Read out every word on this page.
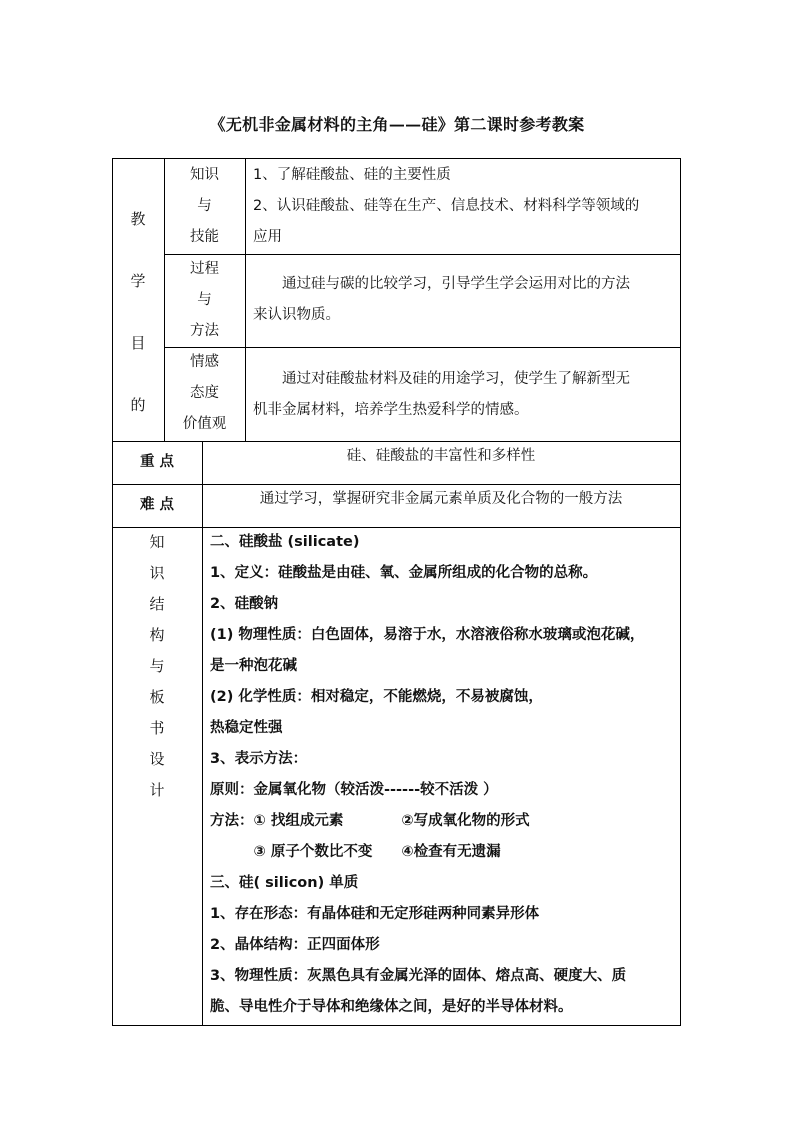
《无机非金属材料的主角——硅》第二课时参考教案
教
学
目
的
知识
与
技能
1、了解硅酸盐、硅的主要性质
2、认识硅酸盐、硅等在生产、信息技术、材料科学等领域的
应用
过程
与
方法
通过硅与碳的比较学习，引导学生学会运用对比的方法
来认识物质。
情感
态度
价值观
通过对硅酸盐材料及硅的用途学习，使学生了解新型无
机非金属材料，培养学生热爱科学的情感。
重 点	硅、硅酸盐的丰富性和多样性
难 点	通过学习，掌握研究非金属元素单质及化合物的一般方法
知
识
结
构
与
板
书
设
计
二、硅酸盐 (silicate)
1、定义：硅酸盐是由硅、氧、金属所组成的化合物的总称。
2、硅酸钠
(1) 物理性质：白色固体，易溶于水，水溶液俗称水玻璃或泡花碱，
是一种泡花碱
(2) 化学性质：相对稳定，不能燃烧，不易被腐蚀，
热稳定性强
3、表示方法：
原则：金属氧化物（较活泼------较不活泼 ）
方法：① 找组成元素　　　　②写成氧化物的形式
　　　③ 原子个数比不变　　④检查有无遗漏
三、硅( silicon) 单质
1、存在形态：有晶体硅和无定形硅两种同素异形体
2、晶体结构：正四面体形
3、物理性质：灰黑色具有金属光泽的固体、熔点高、硬度大、质
脆、导电性介于导体和绝缘体之间，是好的半导体材料。
